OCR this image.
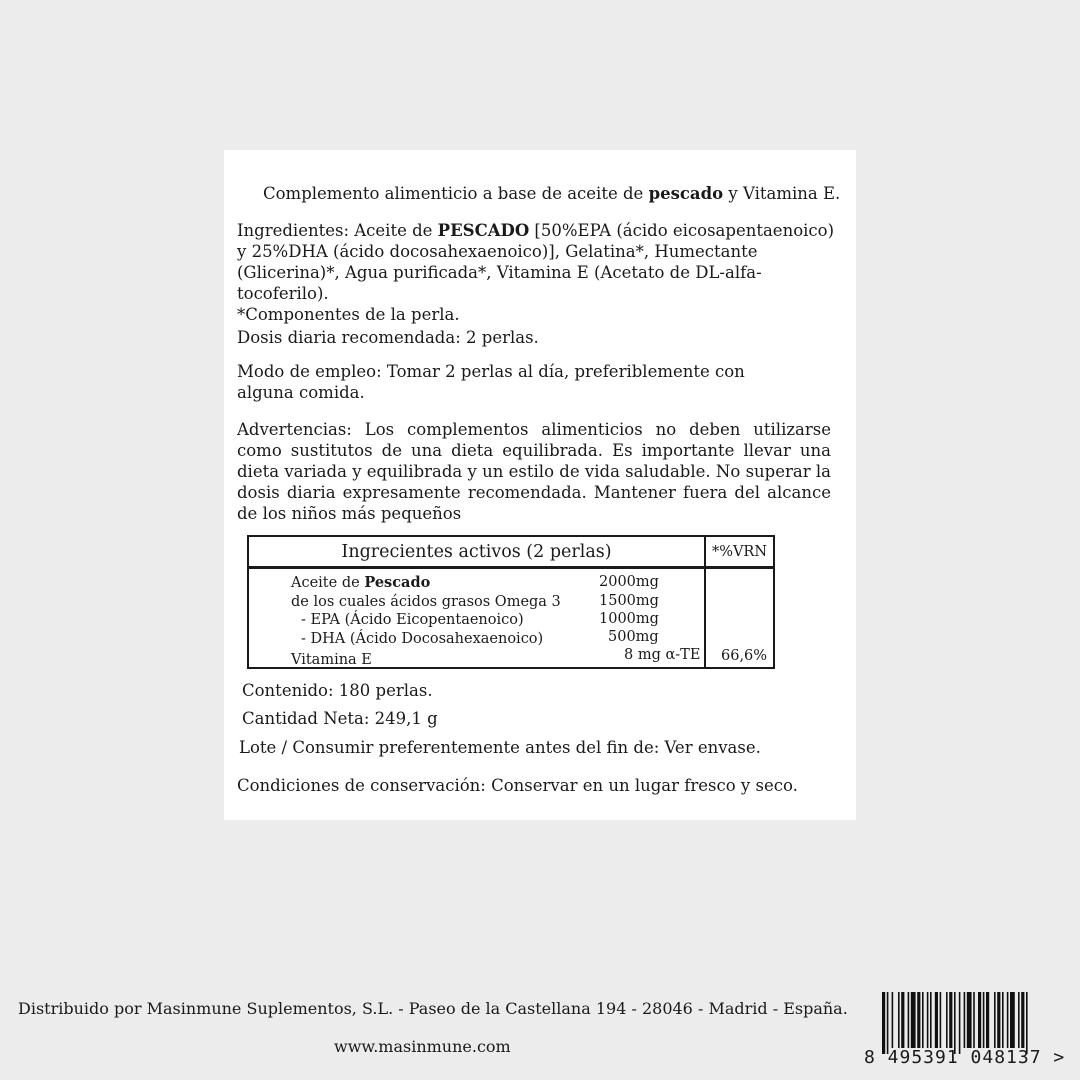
Complemento alimenticio a base de aceite de pescado y Vitamina E.
Ingredientes: Aceite de PESCADO [50%EPA (ácido eicosapentaenoico) y 25%DHA (ácido docosahexaenoico)], Gelatina*, Humectante (Glicerina)*, Agua purificada*, Vitamina E (Acetato de DL-alfa-tocoferilo).
*Componentes de la perla.
Dosis diaria recomendada: 2 perlas.
Modo de empleo: Tomar 2 perlas al día, preferiblemente con alguna comida.
Advertencias: Los complementos alimenticios no deben utilizarse como sustitutos de una dieta equilibrada. Es importante llevar una dieta variada y equilibrada y un estilo de vida saludable. No superar la dosis diaria expresamente recomendada. Mantener fuera del alcance de los niños más pequeños
Ingrecientes activos (2 perlas)	*%VRN
Aceite de Pescado	2000mg
de los cuales ácidos grasos Omega 3	1500mg
- EPA (Ácido Eicopentaenoico)	1000mg
- DHA (Ácido Docosahexaenoico)	500mg
Vitamina E	8 mg α-TE 66,6%
Contenido: 180 perlas.
Cantidad Neta: 249,1 g
Lote / Consumir preferentemente antes del fin de: Ver envase.
Condiciones de conservación: Conservar en un lugar fresco y seco.
Distribuido por Masinmune Suplementos, S.L. - Paseo de la Castellana 194 - 28046 - Madrid - España.
www.masinmune.com
8 495391 048137 >
